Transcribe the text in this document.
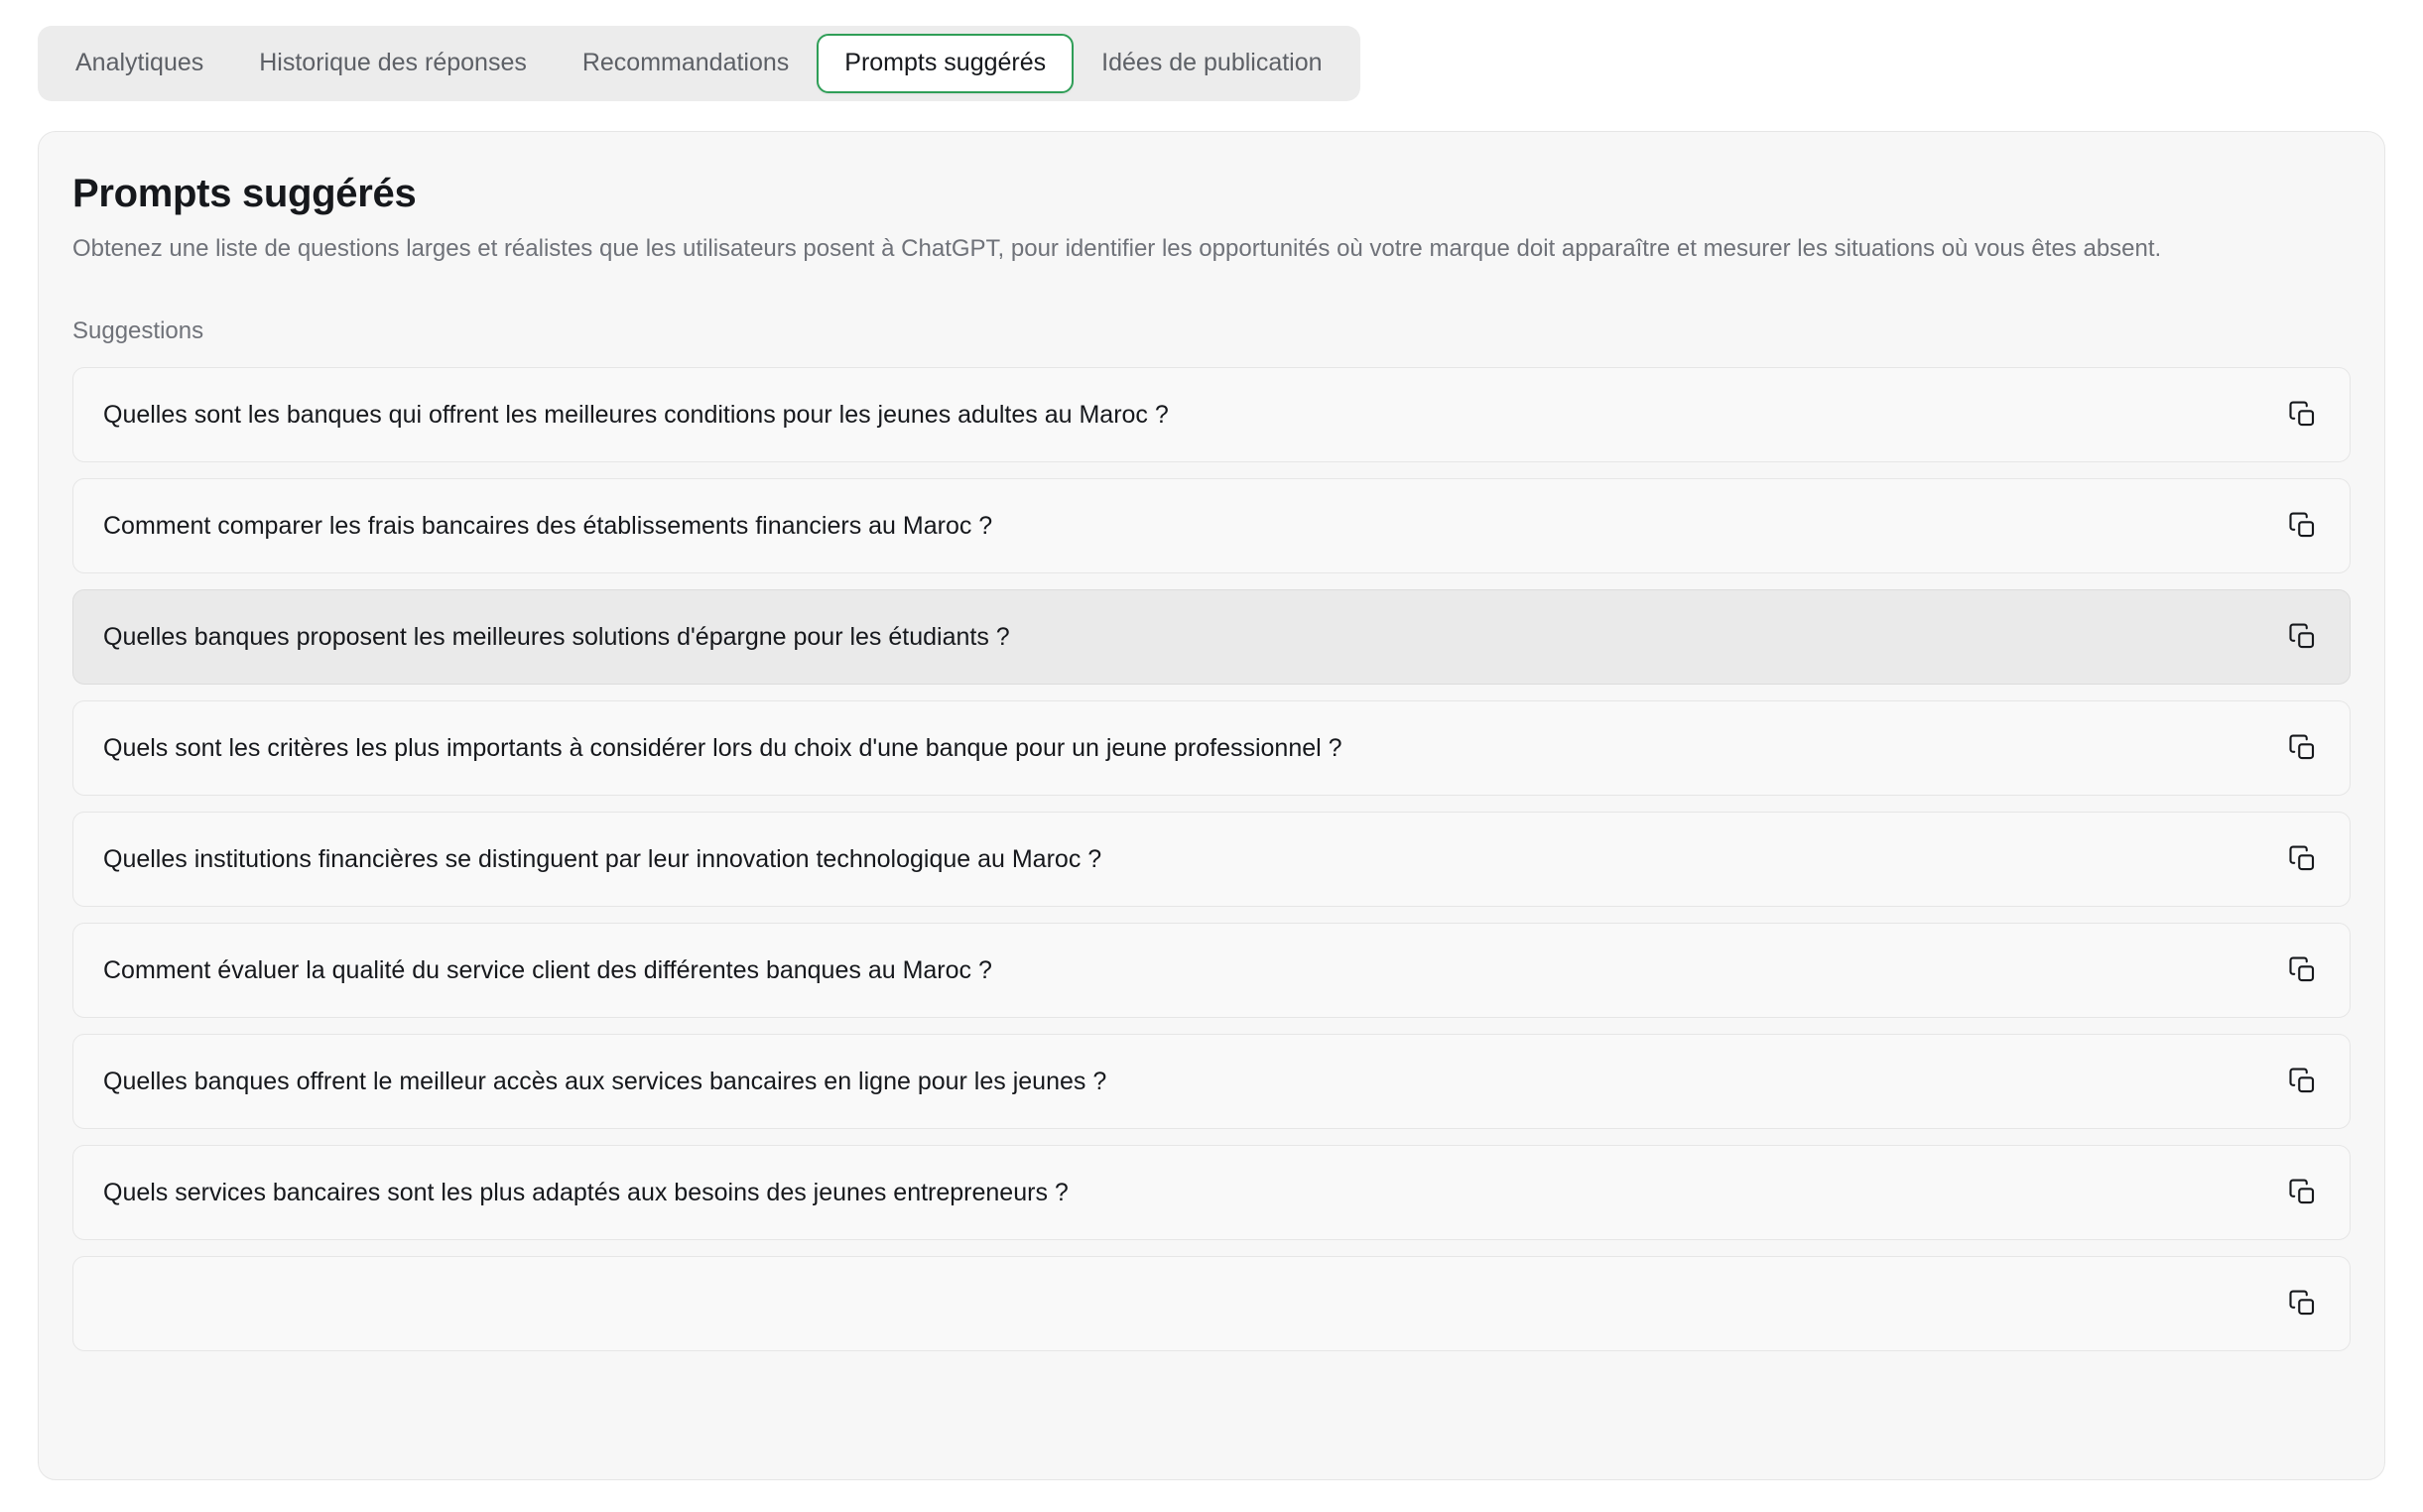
Analytiques	Historique des réponses	Recommandations	Prompts suggérés	Idées de publication
Prompts suggérés

Obtenez une liste de questions larges et réalistes que les utilisateurs posent à ChatGPT, pour identifier les opportunités où votre marque doit apparaître et mesurer les situations où vous êtes absent.

Suggestions
Quelles sont les banques qui offrent les meilleures conditions pour les jeunes adultes au Maroc ?
Comment comparer les frais bancaires des établissements financiers au Maroc ?
Quelles banques proposent les meilleures solutions d'épargne pour les étudiants ?
Quels sont les critères les plus importants à considérer lors du choix d'une banque pour un jeune professionnel ?
Quelles institutions financières se distinguent par leur innovation technologique au Maroc ?
Comment évaluer la qualité du service client des différentes banques au Maroc ?
Quelles banques offrent le meilleur accès aux services bancaires en ligne pour les jeunes ?
Quels services bancaires sont les plus adaptés aux besoins des jeunes entrepreneurs ?
